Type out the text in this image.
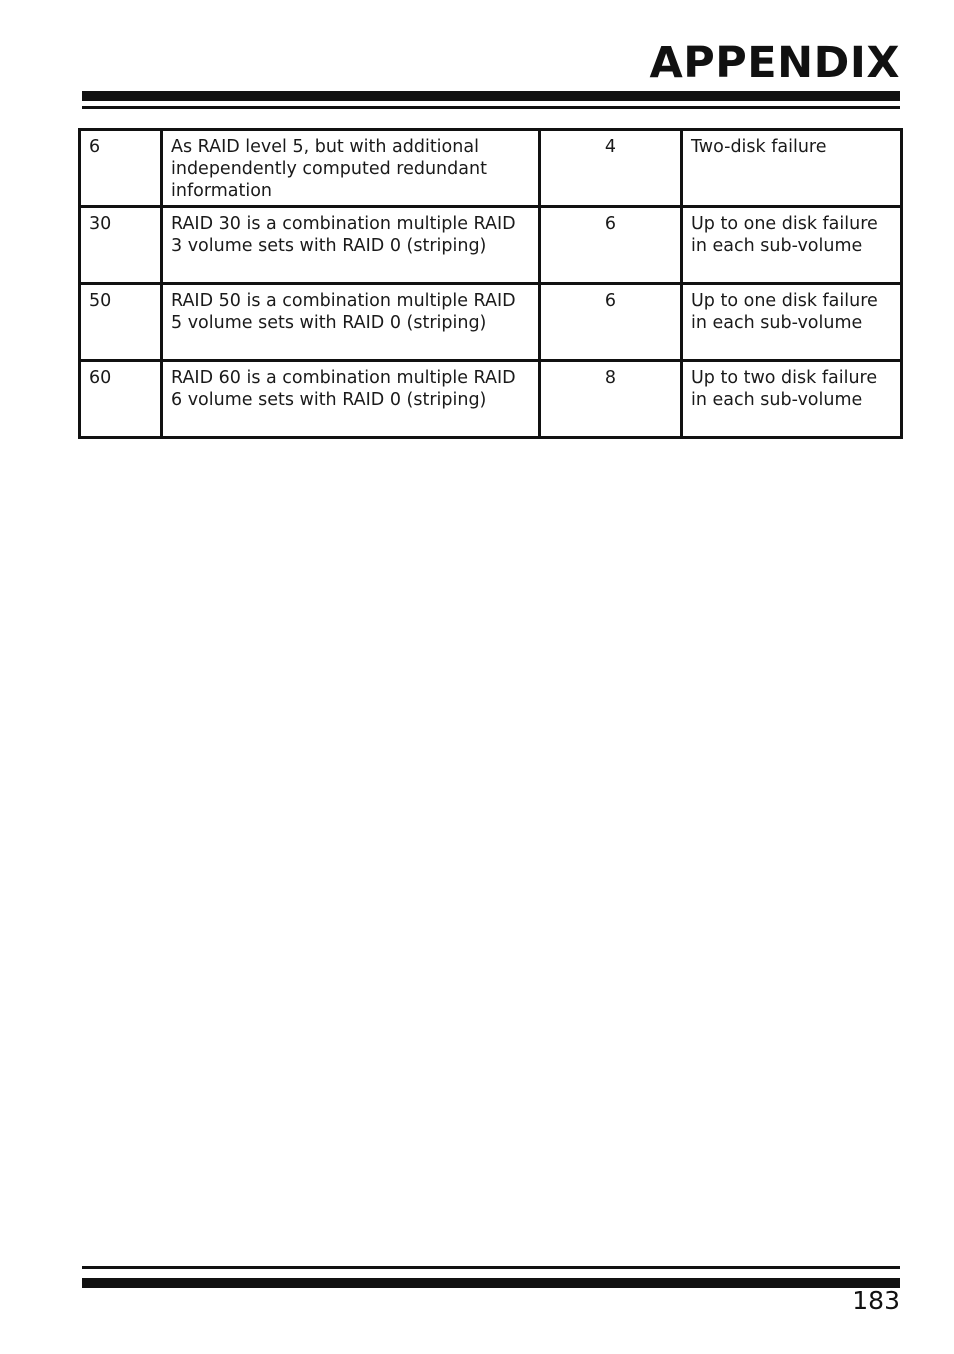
APPENDIX
6	As RAID level 5, but with additional independently computed redundant information	4	Two-disk failure
30	RAID 30 is a combination multiple RAID 3 volume sets with RAID 0 (striping)	6	Up to one disk failure in each sub-volume
50	RAID 50 is a combination multiple RAID 5 volume sets with RAID 0 (striping)	6	Up to one disk failure in each sub-volume
60	RAID 60 is a combination multiple RAID 6 volume sets with RAID 0 (striping)	8	Up to two disk failure in each sub-volume
183
